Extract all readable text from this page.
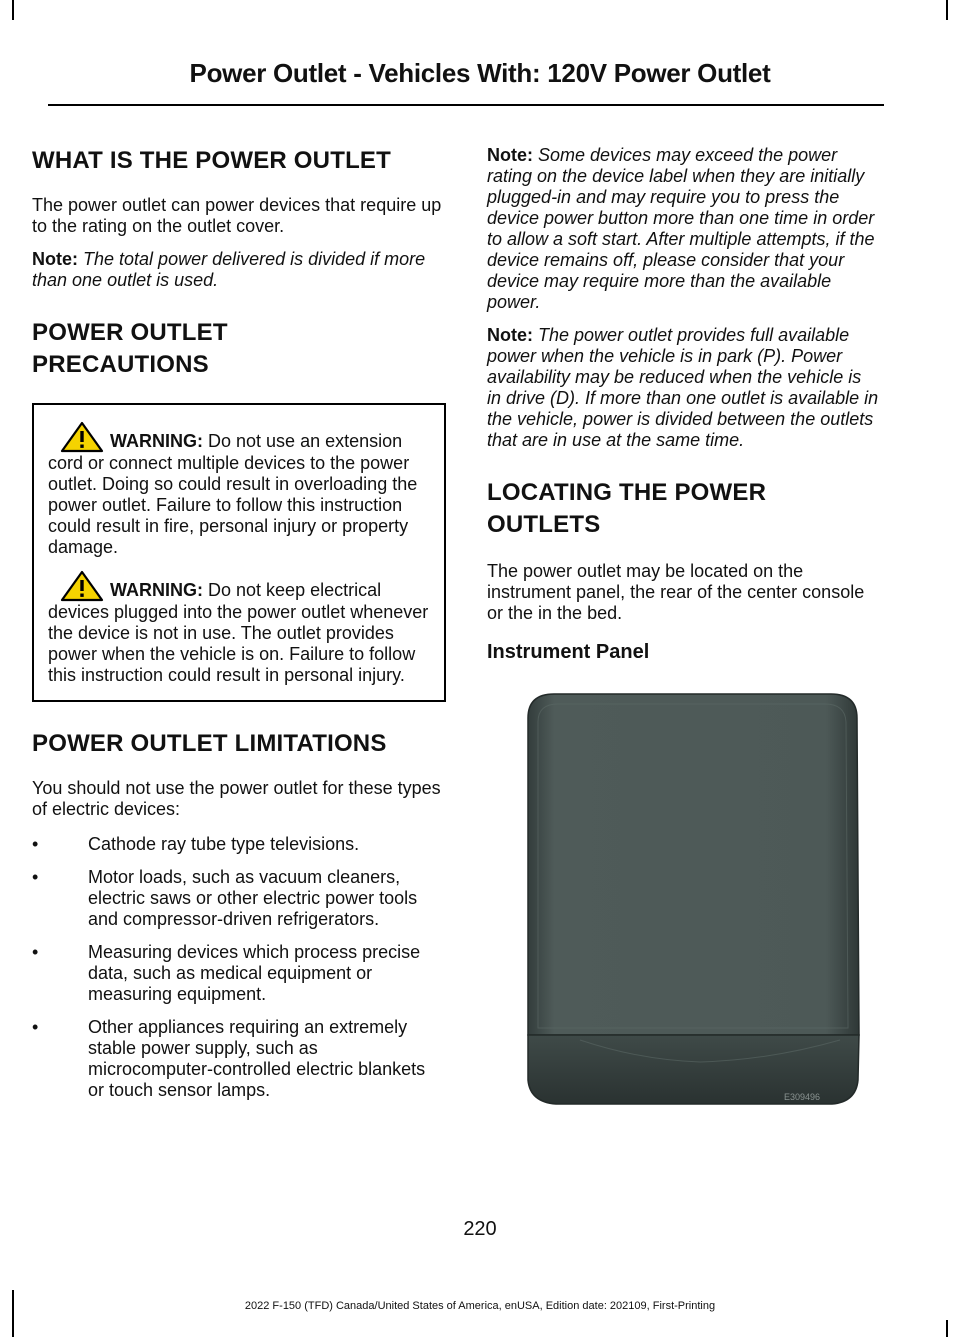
Power Outlet - Vehicles With: 120V Power Outlet
WHAT IS THE POWER OUTLET

The power outlet can power devices that require up to the rating on the outlet cover.

Note: The total power delivered is divided if more than one outlet is used.

POWER OUTLET
PRECAUTIONS
WARNING: Do not use an extension cord or connect multiple devices to the power outlet. Doing so could result in overloading the power outlet. Failure to follow this instruction could result in fire, personal injury or property damage.
WARNING: Do not keep electrical devices plugged into the power outlet whenever the device is not in use. The outlet provides power when the vehicle is on. Failure to follow this instruction could result in personal injury.
POWER OUTLET LIMITATIONS

You should not use the power outlet for these types of electric devices:

•	Cathode ray tube type televisions.
•	Motor loads, such as vacuum cleaners, electric saws or other electric power tools and compressor-driven refrigerators.
•	Measuring devices which process precise data, such as medical equipment or measuring equipment.
•	Other appliances requiring an extremely stable power supply, such as microcomputer-controlled electric blankets or touch sensor lamps.

Note: Some devices may exceed the power rating on the device label when they are initially plugged-in and may require you to press the device power button more than one time in order to allow a soft start. After multiple attempts, if the device remains off, please consider that your device may require more than the available power.

Note: The power outlet provides full available power when the vehicle is in park (P). Power availability may be reduced when the vehicle is in drive (D). If more than one outlet is available in the vehicle, power is divided between the outlets that are in use at the same time.

LOCATING THE POWER
OUTLETS

The power outlet may be located on the instrument panel, the rear of the center console or the in the bed.

Instrument Panel
E309496
220
2022 F-150 (TFD) Canada/United States of America, enUSA, Edition date: 202109, First-Printing
